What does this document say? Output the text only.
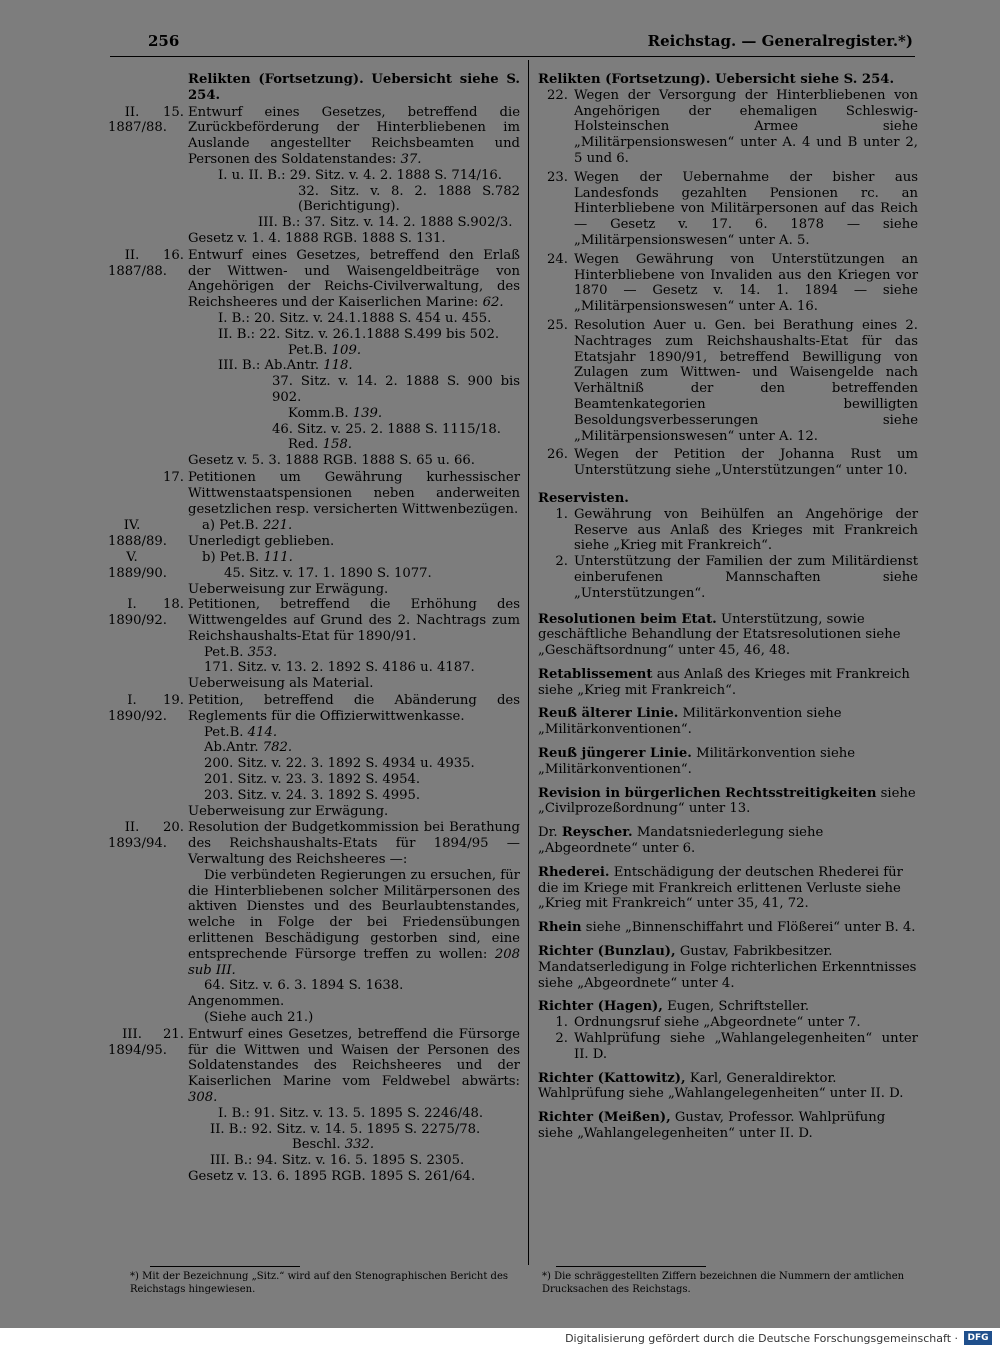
256	Reichstag. — Generalregister.*)
Relikten (Fortsetzung). Uebersicht siehe S. 254.
II.
1887/88.
15. Entwurf eines Gesetzes, betreffend die Zurückbeförderung der Hinterbliebenen im Auslande angestellter Reichsbeamten und Personen des Soldatenstandes: 37.
I. u. II. B.: 29. Sitz. v. 4. 2. 1888 S. 714/16.
32. Sitz. v. 8. 2. 1888 S.782 (Berichtigung).
III. B.: 37. Sitz. v. 14. 2. 1888 S.902/3.
Gesetz v. 1. 4. 1888 RGB. 1888 S. 131.
II.
1887/88.
16. Entwurf eines Gesetzes, betreffend den Erlaß der Wittwen- und Waisengeldbeiträge von Angehörigen der Reichs-Civilverwaltung, des Reichsheeres und der Kaiserlichen Marine: 62.
I. B.: 20. Sitz. v. 24.1.1888 S. 454 u. 455.
II. B.: 22. Sitz. v. 26.1.1888 S.499 bis 502.
Pet.B. 109.
III. B.: Ab.Antr. 118.
37. Sitz. v. 14. 2. 1888 S. 900 bis 902.
Komm.B. 139.
46. Sitz. v. 25. 2. 1888 S. 1115/18.
Red. 158.
Gesetz v. 5. 3. 1888 RGB. 1888 S. 65 u. 66.
17. Petitionen um Gewährung kurhessischer Wittwenstaatspensionen neben anderweiten gesetzlichen resp. versicherten Wittwenbezügen.
IV.
1888/89.
a) Pet.B. 221.
Unerledigt geblieben.
V.
1889/90.
b) Pet.B. 111.
45. Sitz. v. 17. 1. 1890 S. 1077.
Ueberweisung zur Erwägung.
I.
1890/92.
18. Petitionen, betreffend die Erhöhung des Wittwengeldes auf Grund des 2. Nachtrags zum Reichshaushalts-Etat für 1890/91.
Pet.B. 353.
171. Sitz. v. 13. 2. 1892 S. 4186 u. 4187.
Ueberweisung als Material.
I.
1890/92.
19. Petition, betreffend die Abänderung des Reglements für die Offizierwittwenkasse.
Pet.B. 414.
Ab.Antr. 782.
200. Sitz. v. 22. 3. 1892 S. 4934 u. 4935.
201. Sitz. v. 23. 3. 1892 S. 4954.
203. Sitz. v. 24. 3. 1892 S. 4995.
Ueberweisung zur Erwägung.
II.
1893/94.
20. Resolution der Budgetkommission bei Berathung des Reichshaushalts-Etats für 1894/95 — Verwaltung des Reichsheeres —:
Die verbündeten Regierungen zu ersuchen, für die Hinterbliebenen solcher Militärpersonen des aktiven Dienstes und des Beurlaubtenstandes, welche in Folge der bei Friedensübungen erlittenen Beschädigung gestorben sind, eine entsprechende Fürsorge treffen zu wollen: 208 sub III.
64. Sitz. v. 6. 3. 1894 S. 1638.
Angenommen.
(Siehe auch 21.)
III.
1894/95.
21. Entwurf eines Gesetzes, betreffend die Fürsorge für die Wittwen und Waisen der Personen des Soldatenstandes des Reichsheeres und der Kaiserlichen Marine vom Feldwebel abwärts: 308.
I. B.: 91. Sitz. v. 13. 5. 1895 S. 2246/48.
II. B.: 92. Sitz. v. 14. 5. 1895 S. 2275/78.
Beschl. 332.
III. B.: 94. Sitz. v. 16. 5. 1895 S. 2305.
Gesetz v. 13. 6. 1895 RGB. 1895 S. 261/64.
Relikten (Fortsetzung). Uebersicht siehe S. 254.
22. Wegen der Versorgung der Hinterbliebenen von Angehörigen der ehemaligen Schleswig-Holsteinschen Armee siehe „Militärpensionswesen“ unter A. 4 und B unter 2, 5 und 6.
23. Wegen der Uebernahme der bisher aus Landesfonds gezahlten Pensionen rc. an Hinterbliebene von Militärpersonen auf das Reich — Gesetz v. 17. 6. 1878 — siehe „Militärpensionswesen“ unter A. 5.
24. Wegen Gewährung von Unterstützungen an Hinterbliebene von Invaliden aus den Kriegen vor 1870 — Gesetz v. 14. 1. 1894 — siehe „Militärpensionswesen“ unter A. 16.
25. Resolution Auer u. Gen. bei Berathung eines 2. Nachtrages zum Reichshaushalts-Etat für das Etatsjahr 1890/91, betreffend Bewilligung von Zulagen zum Wittwen- und Waisengelde nach Verhältniß der den betreffenden Beamtenkategorien bewilligten Besoldungsverbesserungen siehe „Militärpensionswesen“ unter A. 12.
26. Wegen der Petition der Johanna Rust um Unterstützung siehe „Unterstützungen“ unter 10.
Reservisten.
1. Gewährung von Beihülfen an Angehörige der Reserve aus Anlaß des Krieges mit Frankreich siehe „Krieg mit Frankreich“.
2. Unterstützung der Familien der zum Militärdienst einberufenen Mannschaften siehe „Unterstützungen“.
Resolutionen beim Etat. Unterstützung, sowie geschäftliche Behandlung der Etatsresolutionen siehe „Geschäftsordnung“ unter 45, 46, 48.
Retablissement aus Anlaß des Krieges mit Frankreich siehe „Krieg mit Frankreich“.
Reuß älterer Linie. Militärkonvention siehe „Militärkonventionen“.
Reuß jüngerer Linie. Militärkonvention siehe „Militärkonventionen“.
Revision in bürgerlichen Rechtsstreitigkeiten siehe „Civilprozeßordnung“ unter 13.
Dr. Reyscher. Mandatsniederlegung siehe „Abgeordnete“ unter 6.
Rhederei. Entschädigung der deutschen Rhederei für die im Kriege mit Frankreich erlittenen Verluste siehe „Krieg mit Frankreich“ unter 35, 41, 72.
Rhein siehe „Binnenschiffahrt und Flößerei“ unter B. 4.
Richter (Bunzlau), Gustav, Fabrikbesitzer. Mandatserledigung in Folge richterlichen Erkenntnisses siehe „Abgeordnete“ unter 4.
Richter (Hagen), Eugen, Schriftsteller.
1. Ordnungsruf siehe „Abgeordnete“ unter 7.
2. Wahlprüfung siehe „Wahlangelegenheiten“ unter II. D.
Richter (Kattowitz), Karl, Generaldirektor. Wahlprüfung siehe „Wahlangelegenheiten“ unter II. D.
Richter (Meißen), Gustav, Professor. Wahlprüfung siehe „Wahlangelegenheiten“ unter II. D.
*) Mit der Bezeichnung „Sitz.“ wird auf den Stenographischen Bericht des Reichstags hingewiesen.
*) Die schräggestellten Ziffern bezeichnen die Nummern der amtlichen Drucksachen des Reichstags.
Digitalisierung gefördert durch die Deutsche Forschungsgemeinschaft ·	DFG
